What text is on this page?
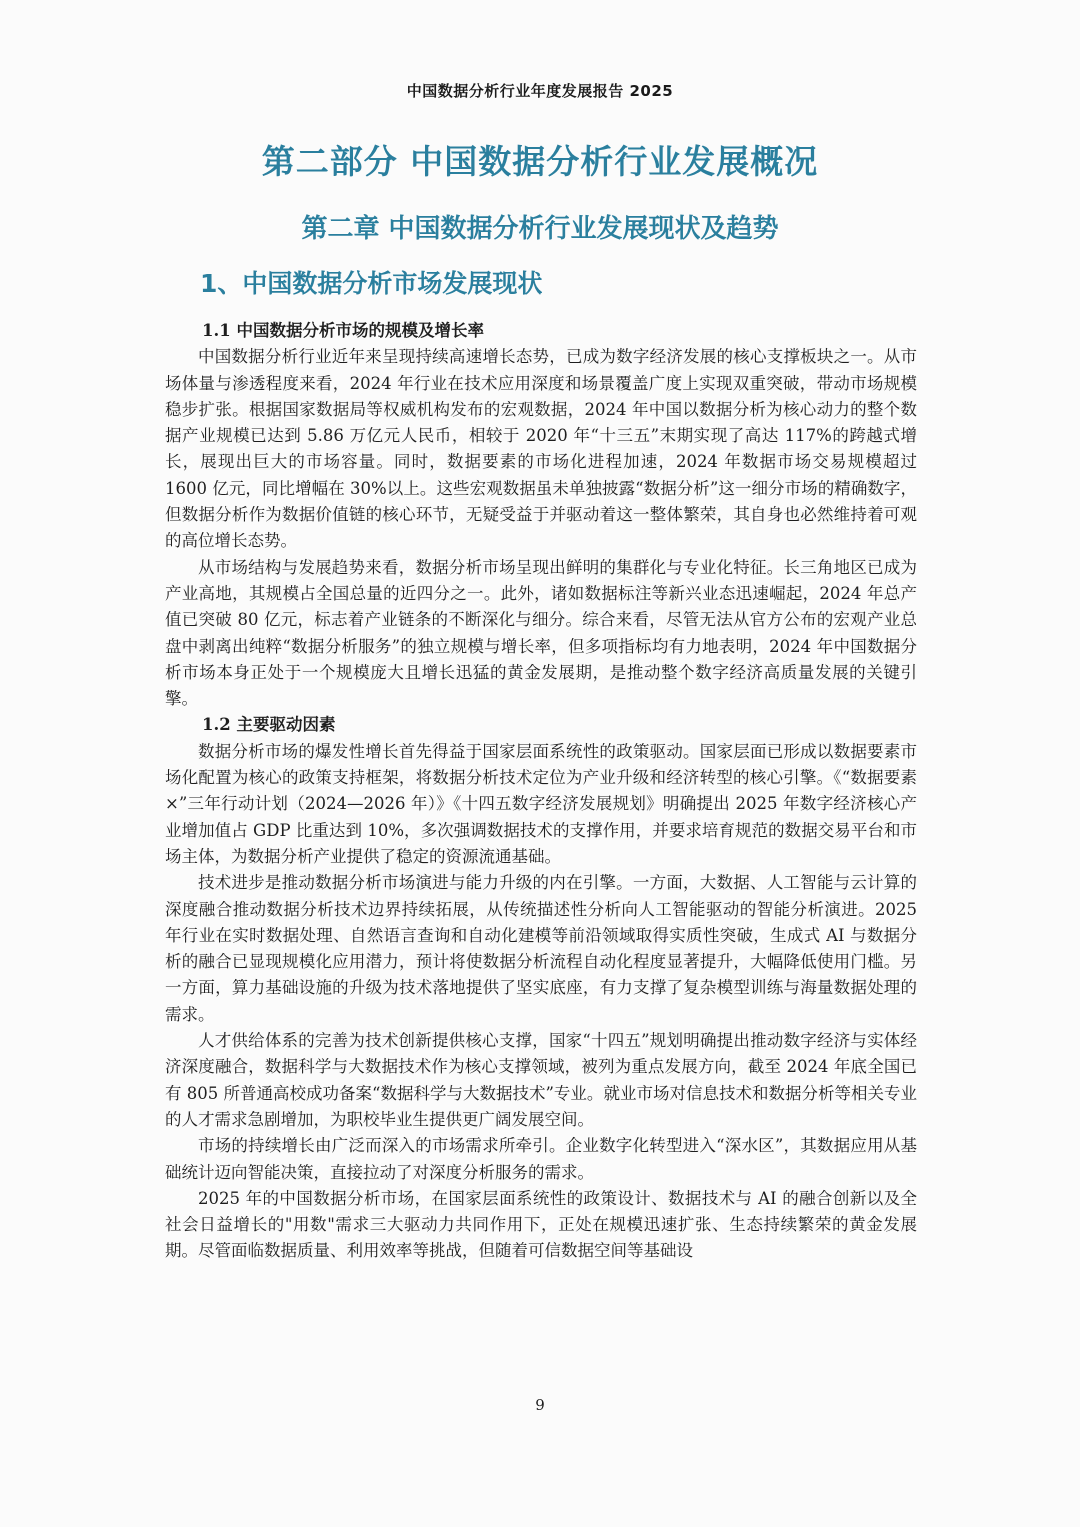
中国数据分析行业年度发展报告 2025
第二部分 中国数据分析行业发展概况
第二章 中国数据分析行业发展现状及趋势
1、中国数据分析市场发展现状

1.1 中国数据分析市场的规模及增长率

中国数据分析行业近年来呈现持续高速增长态势，已成为数字经济发展的核心支撑板块之一。从市场体量与渗透程度来看，2024 年行业在技术应用深度和场景覆盖广度上实现双重突破，带动市场规模稳步扩张。根据国家数据局等权威机构发布的宏观数据，2024 年中国以数据分析为核心动力的整个数据产业规模已达到 5.86 万亿元人民币，相较于 2020 年“十三五”末期实现了高达 117%的跨越式增长，展现出巨大的市场容量。同时，数据要素的市场化进程加速，2024 年数据市场交易规模超过 1600 亿元，同比增幅在 30%以上。这些宏观数据虽未单独披露“数据分析”这一细分市场的精确数字，但数据分析作为数据价值链的核心环节，无疑受益于并驱动着这一整体繁荣，其自身也必然维持着可观的高位增长态势。

从市场结构与发展趋势来看，数据分析市场呈现出鲜明的集群化与专业化特征。长三角地区已成为产业高地，其规模占全国总量的近四分之一。此外，诸如数据标注等新兴业态迅速崛起，2024 年总产值已突破 80 亿元，标志着产业链条的不断深化与细分。综合来看，尽管无法从官方公布的宏观产业总盘中剥离出纯粹“数据分析服务”的独立规模与增长率，但多项指标均有力地表明，2024 年中国数据分析市场本身正处于一个规模庞大且增长迅猛的黄金发展期，是推动整个数字经济高质量发展的关键引擎。

1.2 主要驱动因素

数据分析市场的爆发性增长首先得益于国家层面系统性的政策驱动。国家层面已形成以数据要素市场化配置为核心的政策支持框架，将数据分析技术定位为产业升级和经济转型的核心引擎。《“数据要素×”三年行动计划（2024—2026 年）》《十四五数字经济发展规划》明确提出 2025 年数字经济核心产业增加值占 GDP 比重达到 10%，多次强调数据技术的支撑作用，并要求培育规范的数据交易平台和市场主体，为数据分析产业提供了稳定的资源流通基础。

技术进步是推动数据分析市场演进与能力升级的内在引擎。一方面，大数据、人工智能与云计算的深度融合推动数据分析技术边界持续拓展，从传统描述性分析向人工智能驱动的智能分析演进。2025 年行业在实时数据处理、自然语言查询和自动化建模等前沿领域取得实质性突破，生成式 AI 与数据分析的融合已显现规模化应用潜力，预计将使数据分析流程自动化程度显著提升，大幅降低使用门槛。另一方面，算力基础设施的升级为技术落地提供了坚实底座，有力支撑了复杂模型训练与海量数据处理的需求。

人才供给体系的完善为技术创新提供核心支撑，国家“十四五”规划明确提出推动数字经济与实体经济深度融合，数据科学与大数据技术作为核心支撑领域，被列为重点发展方向，截至 2024 年底全国已有 805 所普通高校成功备案“数据科学与大数据技术”专业。就业市场对信息技术和数据分析等相关专业的人才需求急剧增加，为职校毕业生提供更广阔发展空间。

市场的持续增长由广泛而深入的市场需求所牵引。企业数字化转型进入“深水区”，其数据应用从基础统计迈向智能决策，直接拉动了对深度分析服务的需求。

2025 年的中国数据分析市场，在国家层面系统性的政策设计、数据技术与 AI 的融合创新以及全社会日益增长的"用数"需求三大驱动力共同作用下，正处在规模迅速扩张、生态持续繁荣的黄金发展期。尽管面临数据质量、利用效率等挑战，但随着可信数据空间等基础设

9
